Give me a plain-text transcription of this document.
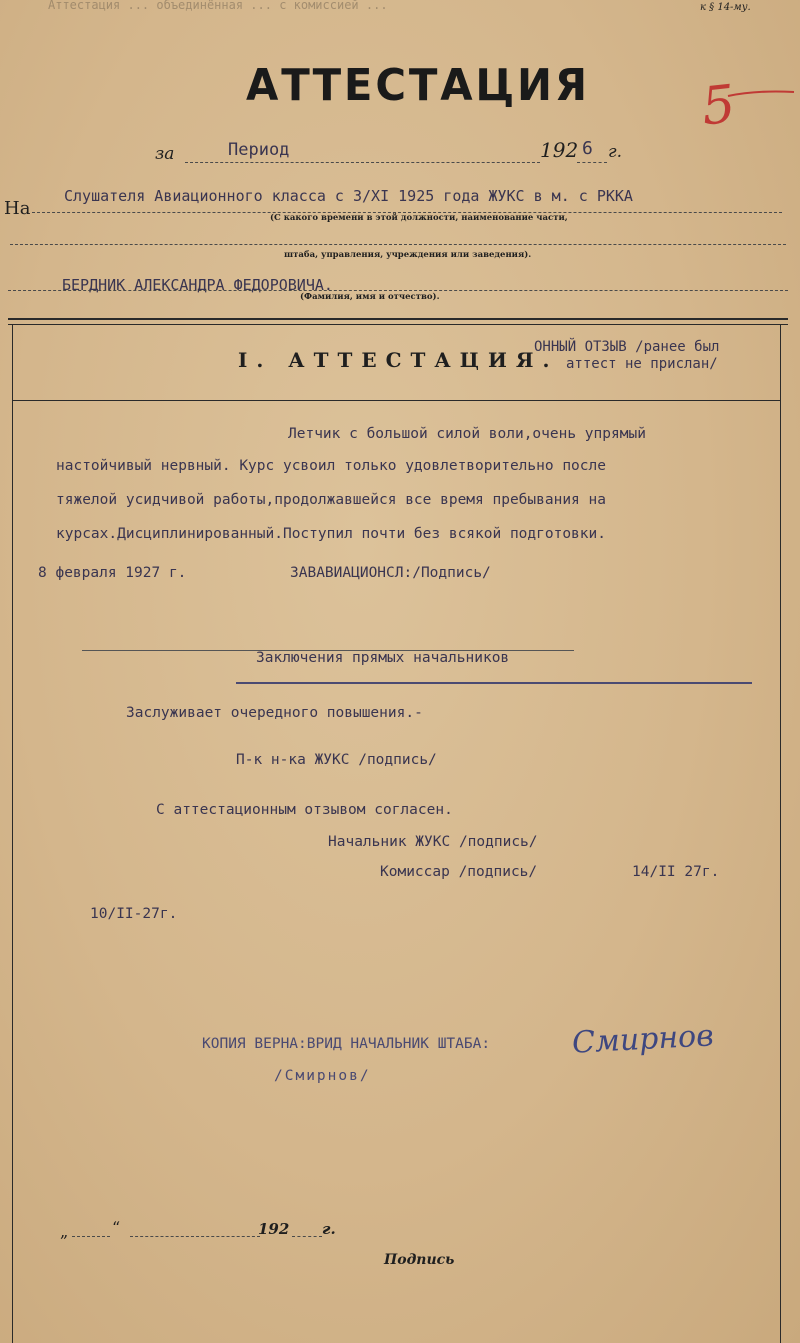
Аттестация ... объединённая ... с комиссией ...	к § 14-му.
АТТЕСТАЦИЯ 5
за	Период	192 6 г.
На
Слушателя Авиационного класса с 3/XI 1925 года ЖУКС в м. с РККА
(С какого времени в этой должности, наименование части,
штаба, управления, учреждения или заведения).
БЕРДНИК АЛЕКСАНДРА ФЕДОРОВИЧА.
(Фамилия, имя и отчество).
I. АТТЕСТАЦИЯ.
ОННЫЙ ОТЗЫВ /ранее был
аттест не прислан/
Летчик с большой силой воли,очень упрямый
настойчивый нервный. Курс усвоил только удовлетворительно после
тяжелой усидчивой работы,продолжавшейся все время пребывания на
курсах.Дисциплинированный.Поступил почти без всякой подготовки.
8 февраля 1927 г.	ЗАВАВИАЦИОНСЛ:/Подпись/
Заключения прямых начальников
Заслуживает очередного повышения.-
П-к н-ка ЖУКС /подпись/
С аттестационным отзывом согласен.
Начальник ЖУКС /подпись/
Комиссар /подпись/	14/II 27г.
10/II-27г.
КОПИЯ ВЕРНА:ВРИД НАЧАЛЬНИК ШТАБА:	Смирнов
/Смирнов/
„	“	192 г.
Подпись
